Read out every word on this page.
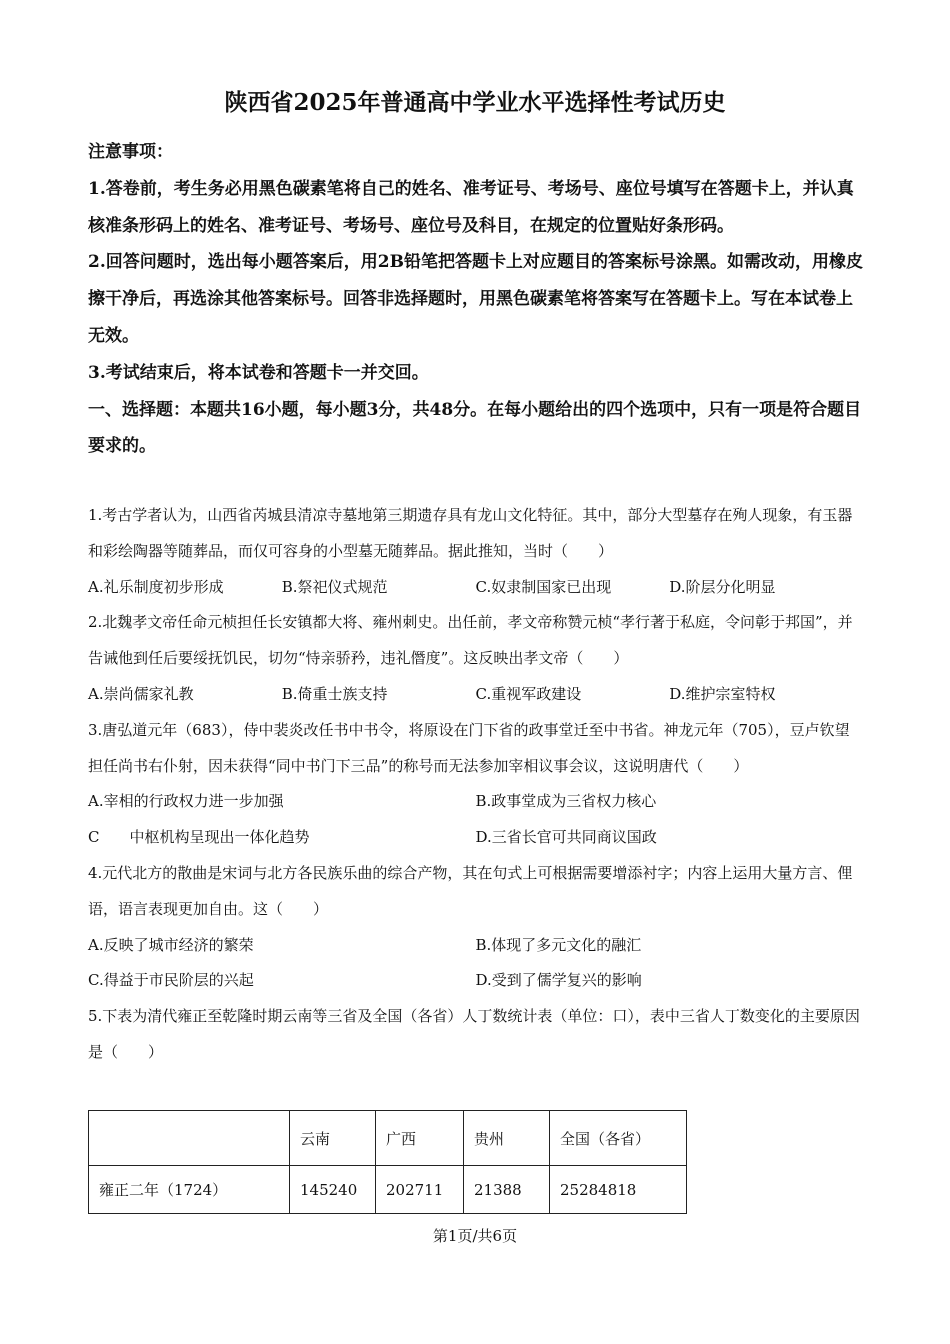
陕西省2025年普通高中学业水平选择性考试历史

注意事项：

1.答卷前，考生务必用黑色碳素笔将自己的姓名、准考证号、考场号、座位号填写在答题卡上，并认真核准条形码上的姓名、准考证号、考场号、座位号及科目，在规定的位置贴好条形码。

2.回答问题时，选出每小题答案后，用2B铅笔把答题卡上对应题目的答案标号涂黑。如需改动，用橡皮擦干净后，再选涂其他答案标号。回答非选择题时，用黑色碳素笔将答案写在答题卡上。写在本试卷上无效。

3.考试结束后，将本试卷和答题卡一并交回。

一、选择题：本题共16小题，每小题3分，共48分。在每小题给出的四个选项中，只有一项是符合题目要求的。

1.考古学者认为，山西省芮城县清凉寺墓地第三期遗存具有龙山文化特征。其中，部分大型墓存在殉人现象，有玉器和彩绘陶器等随葬品，而仅可容身的小型墓无随葬品。据此推知，当时（　　）

A.礼乐制度初步形成	B.祭祀仪式规范	C.奴隶制国家已出现	D.阶层分化明显

2.北魏孝文帝任命元桢担任长安镇都大将、雍州刺史。出任前，孝文帝称赞元桢“孝行著于私庭，令问彰于邦国”，并告诫他到任后要绥抚饥民，切勿“恃亲骄矜，违礼僭度”。这反映出孝文帝（　　）

A.崇尚儒家礼教	B.倚重士族支持	C.重视军政建设	D.维护宗室特权

3.唐弘道元年（683），侍中裴炎改任书中书令，将原设在门下省的政事堂迁至中书省。神龙元年（705），豆卢钦望担任尚书右仆射，因未获得“同中书门下三品”的称号而无法参加宰相议事会议，这说明唐代（　　）

A.宰相的行政权力进一步加强	B.政事堂成为三省权力核心
C　　中枢机构呈现出一体化趋势	D.三省长官可共同商议国政

4.元代北方的散曲是宋词与北方各民族乐曲的综合产物，其在句式上可根据需要增添衬字；内容上运用大量方言、俚语，语言表现更加自由。这（　　）

A.反映了城市经济的繁荣	B.体现了多元文化的融汇
C.得益于市民阶层的兴起	D.受到了儒学复兴的影响

5.下表为清代雍正至乾隆时期云南等三省及全国（各省）人丁数统计表（单位：口），表中三省人丁数变化的主要原因是（　　）

	云南	广西	贵州	全国（各省）
雍正二年（1724）	145240	202711	21388	25284818
第1页/共6页
